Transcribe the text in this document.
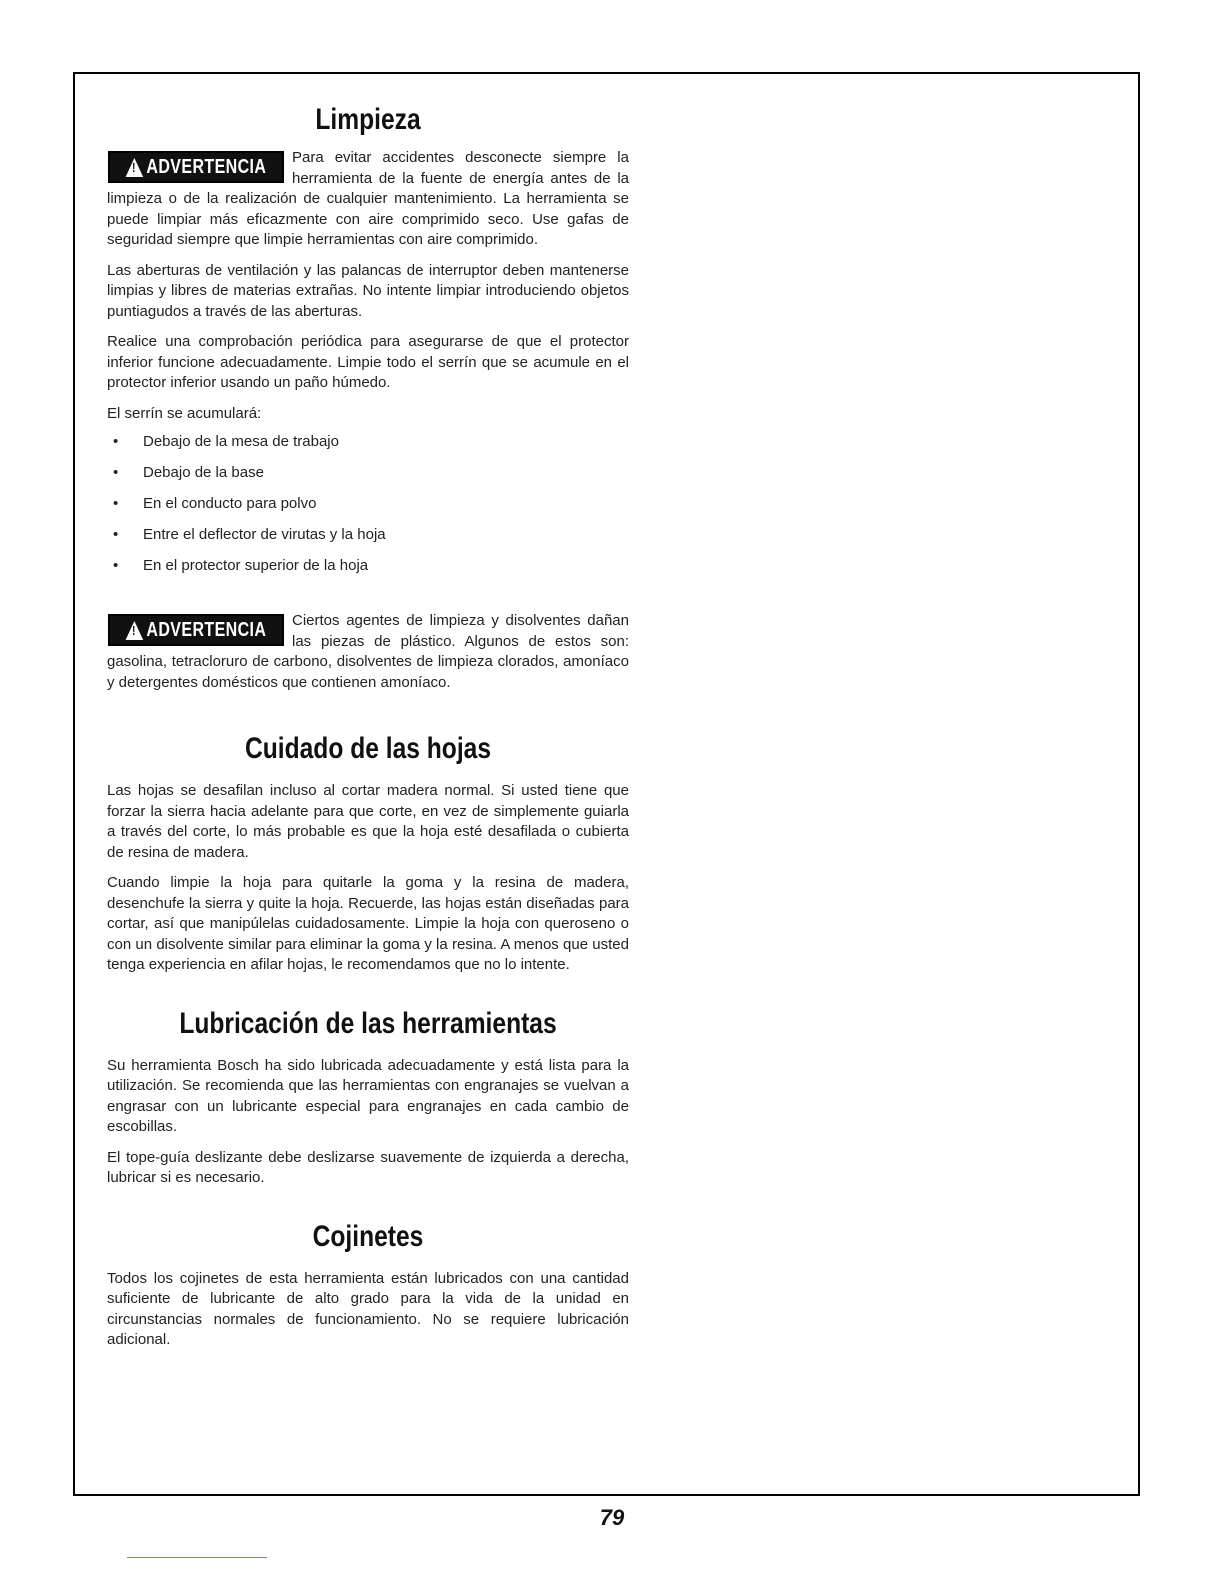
Limpieza
!
ADVERTENCIA	Para evitar accidentes desconecte siempre la herramienta de la fuente de energía antes de la limpieza o de la realización de cualquier mantenimiento. La herramienta se puede limpiar más eficazmente con aire comprimido seco. Use gafas de seguridad siempre que limpie herramientas con aire comprimido.

Las aberturas de ventilación y las palancas de interruptor deben mantenerse limpias y libres de materias extrañas. No intente limpiar introduciendo objetos puntiagudos a través de las aberturas.

Realice una comprobación periódica para asegurarse de que el protector inferior funcione adecuadamente. Limpie todo el serrín que se acumule en el protector inferior usando un paño húmedo.

El serrín se acumulará:

• Debajo de la mesa de trabajo
• Debajo de la base
• En el conducto para polvo
• Entre el deflector de virutas y la hoja
• En el protector superior de la hoja
!
ADVERTENCIA	Ciertos agentes de limpieza y disolventes dañan las piezas de plástico. Algunos de estos son: gasolina, tetracloruro de carbono, disolventes de limpieza clorados, amoníaco y detergentes domésticos que contienen amoníaco.

Cuidado de las hojas

Las hojas se desafilan incluso al cortar madera normal. Si usted tiene que forzar la sierra hacia adelante para que corte, en vez de simplemente guiarla a través del corte, lo más probable es que la hoja esté desafilada o cubierta de resina de madera.

Cuando limpie la hoja para quitarle la goma y la resina de madera, desenchufe la sierra y quite la hoja. Recuerde, las hojas están diseñadas para cortar, así que manipúlelas cuidadosamente. Limpie la hoja con queroseno o con un disolvente similar para eliminar la goma y la resina. A menos que usted tenga experiencia en afilar hojas, le recomendamos que no lo intente.

Lubricación de las herramientas

Su herramienta Bosch ha sido lubricada adecuadamente y está lista para la utilización. Se recomienda que las herramientas con engranajes se vuelvan a engrasar con un lubricante especial para engranajes en cada cambio de escobillas.

El tope-guía deslizante debe deslizarse suavemente de izquierda a derecha, lubricar si es necesario.

Cojinetes

Todos los cojinetes de esta herramienta están lubricados con una cantidad suficiente de lubricante de alto grado para la vida de la unidad en circunstancias normales de funcionamiento. No se requiere lubricación adicional.

79
